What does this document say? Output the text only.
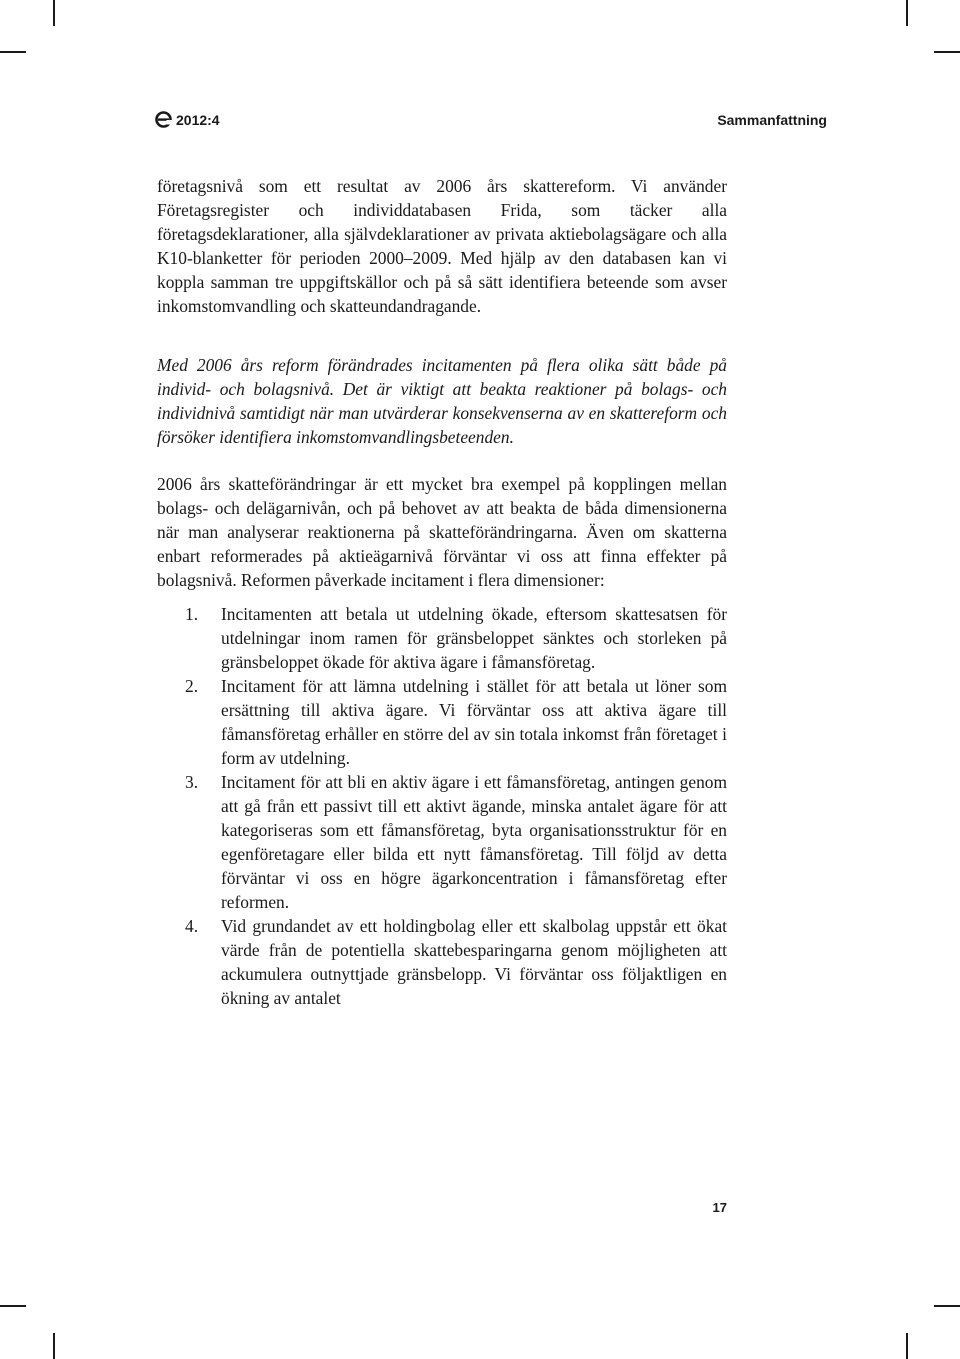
2012:4	Sammanfattning

företagsnivå som ett resultat av 2006 års skattereform. Vi använder Företagsregister och individdatabasen Frida, som täcker alla företagsdeklarationer, alla självdeklarationer av privata aktiebolagsägare och alla K10-blanketter för perioden 2000–2009. Med hjälp av den databasen kan vi koppla samman tre uppgiftskällor och på så sätt identifiera beteende som avser inkomstomvandling och skatteundandragande.

Med 2006 års reform förändrades incitamenten på flera olika sätt både på individ- och bolagsnivå. Det är viktigt att beakta reaktioner på bolags- och individnivå samtidigt när man utvärderar konsekvenserna av en skattereform och försöker identifiera inkomstomvandlingsbeteenden.

2006 års skatteförändringar är ett mycket bra exempel på kopplingen mellan bolags- och delägarnivån, och på behovet av att beakta de båda dimensionerna när man analyserar reaktionerna på skatteförändringarna. Även om skatterna enbart reformerades på aktieägarnivå förväntar vi oss att finna effekter på bolagsnivå. Reformen påverkade incitament i flera dimensioner:

1. Incitamenten att betala ut utdelning ökade, eftersom skattesatsen för utdelningar inom ramen för gränsbeloppet sänktes och storleken på gränsbeloppet ökade för aktiva ägare i fåmansföretag.
2. Incitament för att lämna utdelning i stället för att betala ut löner som ersättning till aktiva ägare. Vi förväntar oss att aktiva ägare till fåmansföretag erhåller en större del av sin totala inkomst från företaget i form av utdelning.
3. Incitament för att bli en aktiv ägare i ett fåmansföretag, antingen genom att gå från ett passivt till ett aktivt ägande, minska antalet ägare för att kategoriseras som ett fåmansföretag, byta organisationsstruktur för en egenföretagare eller bilda ett nytt fåmansföretag. Till följd av detta förväntar vi oss en högre ägarkoncentration i fåmansföretag efter reformen.
4. Vid grundandet av ett holdingbolag eller ett skalbolag uppstår ett ökat värde från de potentiella skattebesparingarna genom möjligheten att ackumulera outnyttjade gränsbelopp. Vi förväntar oss följaktligen en ökning av antalet
17
